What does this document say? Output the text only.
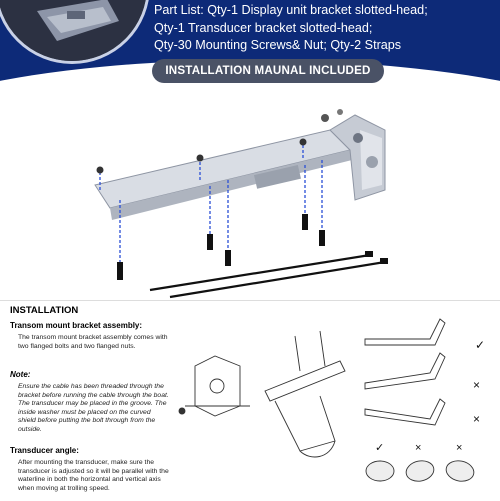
Part List: Qty-1 Display unit bracket slotted-head;
Qty-1 Transducer bracket slotted-head;
Qty-30 Mounting Screws& Nut; Qty-2 Straps
INSTALLATION MAUNAL INCLUDED
INSTALLATION
Transom mount bracket assembly:
The transom mount bracket assembly comes with two flanged bolts and two flanged nuts.
Note:
Ensure the cable has been threaded through the bracket before running the cable through the boat. The transducer may be placed in the groove. The inside washer must be placed on the curved shield before putting the bolt through from the outside.
Transducer angle:
After mounting the transducer, make sure the transducer is adjusted so it will be parallel with the waterline in both the horizontal and vertical axis when moving at trolling speed.
✓
×
×
✓	×	×
